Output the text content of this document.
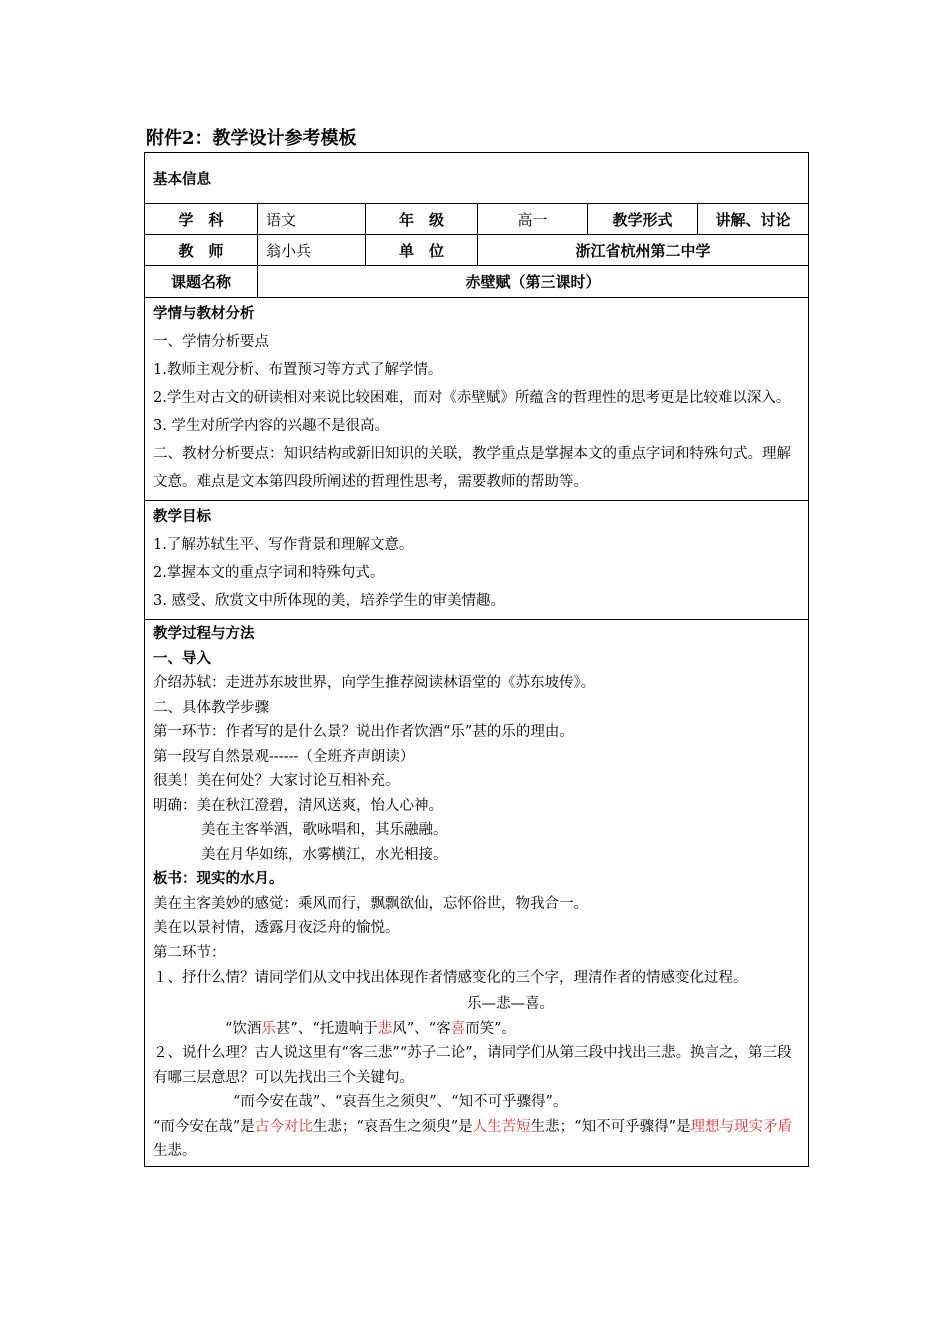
附件2：教学设计参考模板

基本信息

学　科	语文	年　级	高一	教学形式	讲解、讨论
教　师	翁小兵	单　位	浙江省杭州第二中学
课题名称	赤壁赋（第三课时）

学情与教材分析

一、学情分析要点

1.教师主观分析、布置预习等方式了解学情。

2.学生对古文的研读相对来说比较困难，而对《赤壁赋》所蕴含的哲理性的思考更是比较难以深入。

3. 学生对所学内容的兴趣不是很高。

二、教材分析要点：知识结构或新旧知识的关联，教学重点是掌握本文的重点字词和特殊句式。理解文意。难点是文本第四段所阐述的哲理性思考，需要教师的帮助等。

教学目标

1.了解苏轼生平、写作背景和理解文意。

2.掌握本文的重点字词和特殊句式。

3. 感受、欣赏文中所体现的美，培养学生的审美情趣。

教学过程与方法

一、导入

介绍苏轼：走进苏东坡世界，向学生推荐阅读林语堂的《苏东坡传》。

二、具体教学步骤

第一环节：作者写的是什么景？说出作者饮酒“乐”甚的乐的理由。

第一段写自然景观------（全班齐声朗读）

很美！美在何处？大家讨论互相补充。

明确：美在秋江澄碧，清风送爽，怡人心神。

美在主客举酒，歌咏唱和，其乐融融。

美在月华如练，水雾横江，水光相接。

板书：现实的水月。

美在主客美妙的感觉：乘风而行，飘飘欲仙，忘怀俗世，物我合一。

美在以景衬情，透露月夜泛舟的愉悦。

第二环节：

１、抒什么情？请同学们从文中找出体现作者情感变化的三个字，理清作者的情感变化过程。

乐—悲—喜。

“饮酒乐甚”、“托遗响于悲风”、“客喜而笑”。

２、说什么理？古人说这里有“客三悲”“苏子二论”，请同学们从第三段中找出三悲。换言之，第三段有哪三层意思？可以先找出三个关键句。

“而今安在哉”、“哀吾生之须臾”、“知不可乎骤得”。

“而今安在哉”是古今对比生悲；“哀吾生之须臾”是人生苦短生悲；“知不可乎骤得”是理想与现实矛盾生悲。
